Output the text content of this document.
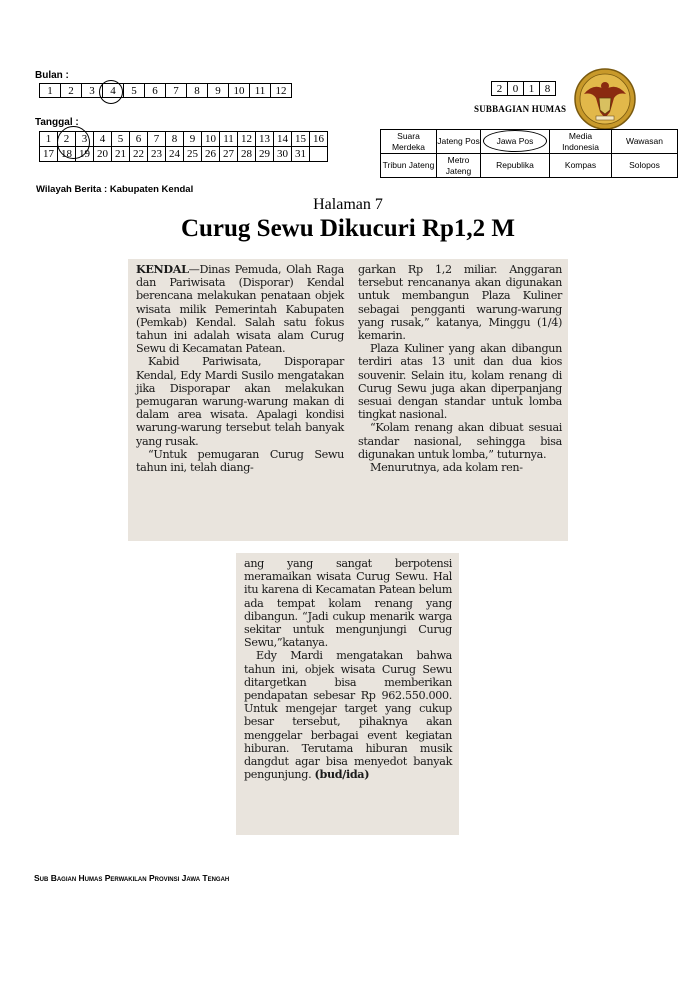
Bulan :
1	2	3	4	5	6	7	8	9	10	11	12
Tanggal :
1	2	3	4	5	6	7	8	9	10	11	12	13	14	15	16
17	18	19	20	21	22	23	24	25	26	27	28	29	30	31	
2	0	1	8
SUBBAGIAN HUMAS
Suara Merdeka	Jateng Pos	Jawa Pos	Media Indonesia	Wawasan
Tribun Jateng	Metro Jateng	Republika	Kompas	Solopos
Wilayah Berita : Kabupaten Kendal
Halaman 7
Curug Sewu Dikucuri Rp1,2 M

KENDAL—Dinas Pemuda, Olah Raga dan Pariwisata (Disporar) Kendal berencana melakukan penataan objek wisata milik Pemerintah Kabupaten (Pemkab) Kendal. Salah satu fokus tahun ini adalah wisata alam Curug Sewu di Kecamatan Patean.

Kabid Pariwisata, Disporapar Kendal, Edy Mardi Susilo mengatakan jika Disporapar akan melakukan pemugaran warung-warung makan di dalam area wisata. Apalagi kondisi warung-warung tersebut telah banyak yang rusak.

“Untuk pemugaran Curug Sewu tahun ini, telah diang-

garkan Rp 1,2 miliar. Anggaran tersebut rencananya akan digunakan untuk membangun Plaza Kuliner sebagai pengganti warung-warung yang rusak,” katanya, Minggu (1/4) kemarin.

Plaza Kuliner yang akan dibangun terdiri atas 13 unit dan dua kios souvenir. Selain itu, kolam renang di Curug Sewu juga akan diperpanjang sesuai dengan standar untuk lomba tingkat nasional.

“Kolam renang akan dibuat sesuai standar nasional, sehingga bisa digunakan untuk lomba,” tuturnya.

Menurutnya, ada kolam ren-

ang yang sangat berpotensi meramaikan wisata Curug Sewu. Hal itu karena di Kecamatan Patean belum ada tempat kolam renang yang dibangun. “Jadi cukup menarik warga sekitar untuk mengunjungi Curug Sewu,”katanya.

Edy Mardi mengatakan bahwa tahun ini, objek wisata Curug Sewu ditargetkan bisa memberikan pendapatan sebesar Rp 962.550.000. Untuk mengejar target yang cukup besar tersebut, pihaknya akan menggelar berbagai event kegiatan hiburan. Terutama hiburan musik dangdut agar bisa menyedot banyak pengunjung. (bud/ida)

Sub Bagian Humas Perwakilan Provinsi Jawa Tengah
